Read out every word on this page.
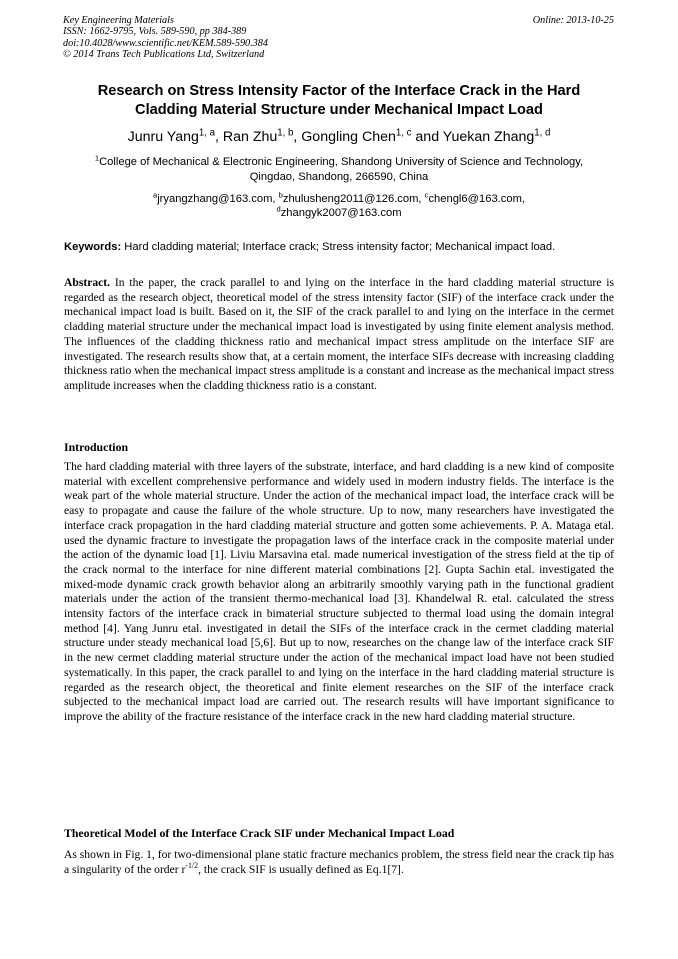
Key Engineering Materials
ISSN: 1662-9795, Vols. 589-590, pp 384-389
doi:10.4028/www.scientific.net/KEM.589-590.384
© 2014 Trans Tech Publications Ltd, Switzerland
Online: 2013-10-25
Research on Stress Intensity Factor of the Interface Crack in the Hard
Cladding Material Structure under Mechanical Impact Load
Junru Yang$^{1, a}$, Ran Zhu$^{1, b}$, Gongling Chen$^{1, c}$ and Yuekan Zhang$^{1, d}$
$^1$College of Mechanical & Electronic Engineering, Shandong University of Science and Technology,
Qingdao, Shandong, 266590, China
$^a$jryangzhang@163.com, $^b$zhulusheng2011@126.com, $^c$chengl6@163.com,
$^d$zhangyk2007@163.com
Keywords: Hard cladding material; Interface crack; Stress intensity factor; Mechanical impact load.
Abstract. In the paper, the crack parallel to and lying on the interface in the hard cladding material structure is regarded as the research object, theoretical model of the stress intensity factor (SIF) of the interface crack under the mechanical impact load is built. Based on it, the SIF of the crack parallel to and lying on the interface in the cermet cladding material structure under the mechanical impact load is investigated by using finite element analysis method. The influences of the cladding thickness ratio and mechanical impact stress amplitude on the interface SIF are investigated. The research results show that, at a certain moment, the interface SIFs decrease with increasing cladding thickness ratio when the mechanical impact stress amplitude is a constant and increase as the mechanical impact stress amplitude increases when the cladding thickness ratio is a constant.
Introduction
The hard cladding material with three layers of the substrate, interface, and hard cladding is a new kind of composite material with excellent comprehensive performance and widely used in modern industry fields. The interface is the weak part of the whole material structure. Under the action of the mechanical impact load, the interface crack will be easy to propagate and cause the failure of the whole structure. Up to now, many researchers have investigated the interface crack propagation in the hard cladding material structure and gotten some achievements. P. A. Mataga etal. used the dynamic fracture to investigate the propagation laws of the interface crack in the composite material under the action of the dynamic load [1]. Liviu Marsavina etal. made numerical investigation of the stress field at the tip of the crack normal to the interface for nine different material combinations [2]. Gupta Sachin etal. investigated the mixed-mode dynamic crack growth behavior along an arbitrarily smoothly varying path in the functional gradient materials under the action of the transient thermo-mechanical load [3]. Khandelwal R. etal. calculated the stress intensity factors of the interface crack in bimaterial structure subjected to thermal load using the domain integral method [4]. Yang Junru etal. investigated in detail the SIFs of the interface crack in the cermet cladding material structure under steady mechanical load [5,6]. But up to now, researches on the change law of the interface crack SIF in the new cermet cladding material structure under the action of the mechanical impact load have not been studied systematically. In this paper, the crack parallel to and lying on the interface in the hard cladding material structure is regarded as the research object, the theoretical and finite element researches on the SIF of the interface crack subjected to the mechanical impact load are carried out. The research results will have important significance to improve the ability of the fracture resistance of the interface crack in the new hard cladding material structure.
Theoretical Model of the Interface Crack SIF under Mechanical Impact Load
As shown in Fig. 1, for two-dimensional plane static fracture mechanics problem, the stress field near the crack tip has a singularity of the order $r^{-1/2}$, the crack SIF is usually defined as Eq.1[7].
